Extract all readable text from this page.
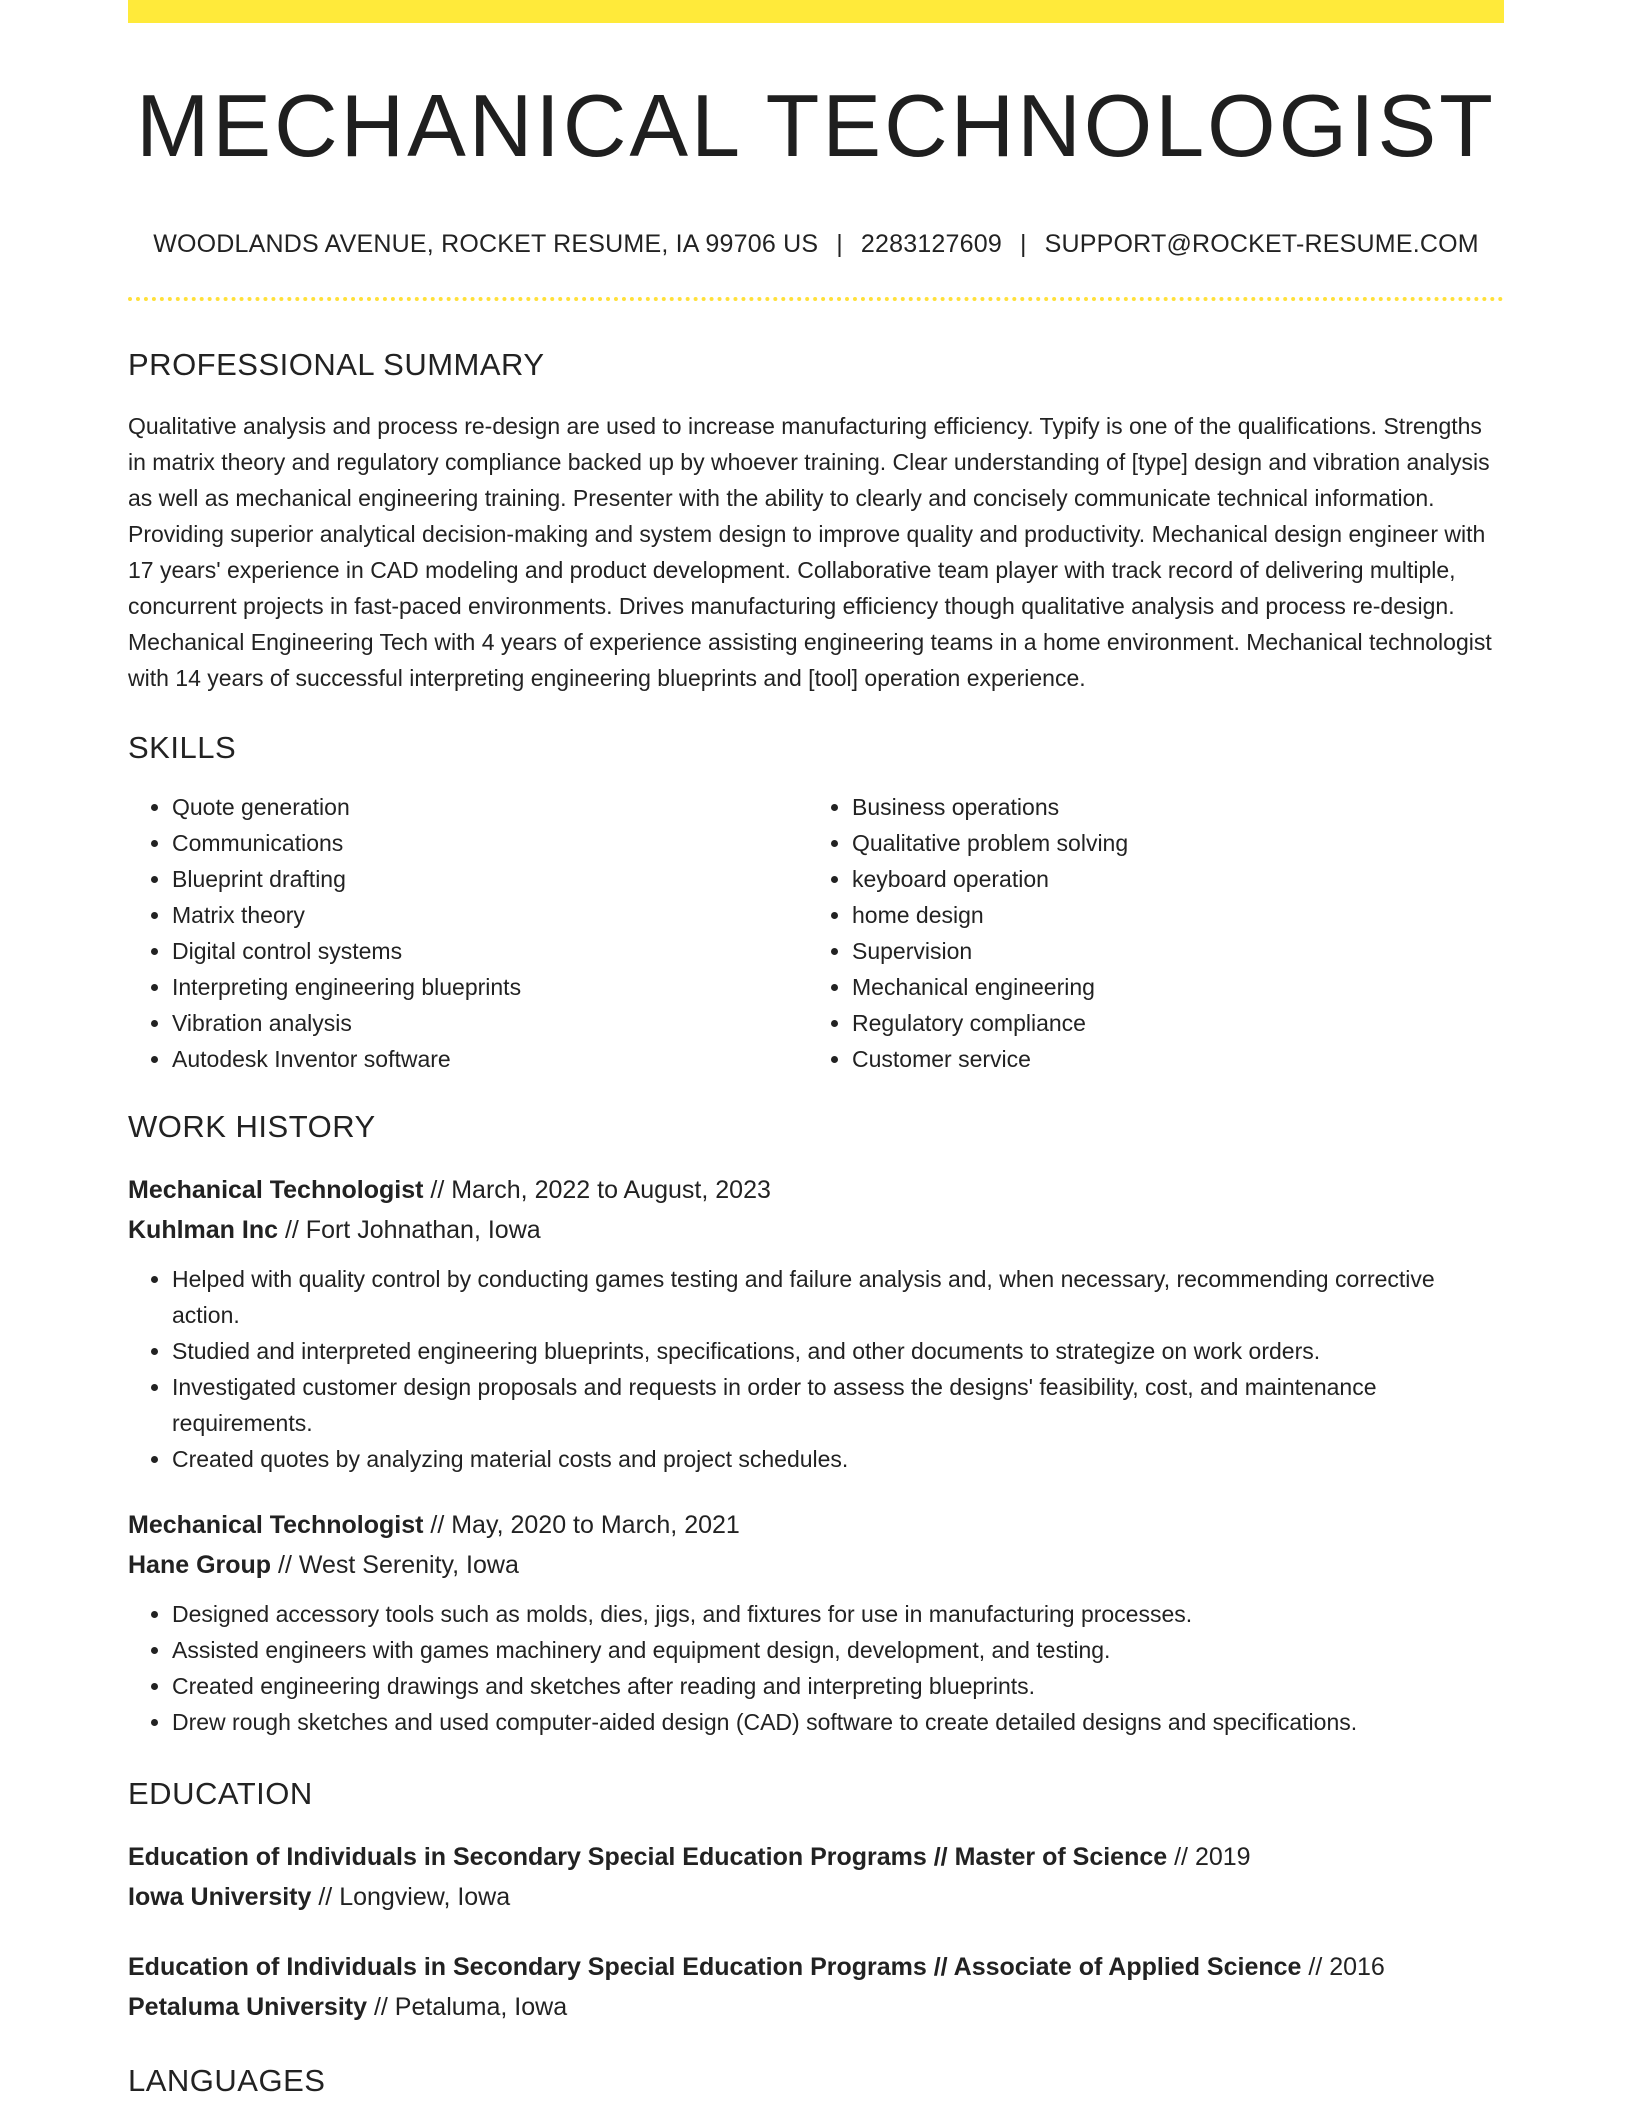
MECHANICAL TECHNOLOGIST
WOODLANDS AVENUE, ROCKET RESUME, IA 99706 US | 2283127609 | SUPPORT@ROCKET-RESUME.COM
PROFESSIONAL SUMMARY
Qualitative analysis and process re-design are used to increase manufacturing efficiency. Typify is one of the qualifications. Strengths in matrix theory and regulatory compliance backed up by whoever training. Clear understanding of [type] design and vibration analysis as well as mechanical engineering training. Presenter with the ability to clearly and concisely communicate technical information. Providing superior analytical decision-making and system design to improve quality and productivity. Mechanical design engineer with 17 years' experience in CAD modeling and product development. Collaborative team player with track record of delivering multiple, concurrent projects in fast-paced environments. Drives manufacturing efficiency though qualitative analysis and process re-design. Mechanical Engineering Tech with 4 years of experience assisting engineering teams in a home environment. Mechanical technologist with 14 years of successful interpreting engineering blueprints and [tool] operation experience.
SKILLS
• Quote generation
• Communications
• Blueprint drafting
• Matrix theory
• Digital control systems
• Interpreting engineering blueprints
• Vibration analysis
• Autodesk Inventor software
• Business operations
• Qualitative problem solving
• keyboard operation
• home design
• Supervision
• Mechanical engineering
• Regulatory compliance
• Customer service
WORK HISTORY
Mechanical Technologist // March, 2022 to August, 2023
Kuhlman Inc // Fort Johnathan, Iowa
• Helped with quality control by conducting games testing and failure analysis and, when necessary, recommending corrective action.
• Studied and interpreted engineering blueprints, specifications, and other documents to strategize on work orders.
• Investigated customer design proposals and requests in order to assess the designs' feasibility, cost, and maintenance requirements.
• Created quotes by analyzing material costs and project schedules.
Mechanical Technologist // May, 2020 to March, 2021
Hane Group // West Serenity, Iowa
• Designed accessory tools such as molds, dies, jigs, and fixtures for use in manufacturing processes.
• Assisted engineers with games machinery and equipment design, development, and testing.
• Created engineering drawings and sketches after reading and interpreting blueprints.
• Drew rough sketches and used computer-aided design (CAD) software to create detailed designs and specifications.
EDUCATION
Education of Individuals in Secondary Special Education Programs // Master of Science // 2019
Iowa University // Longview, Iowa
Education of Individuals in Secondary Special Education Programs // Associate of Applied Science // 2016
Petaluma University // Petaluma, Iowa
LANGUAGES
